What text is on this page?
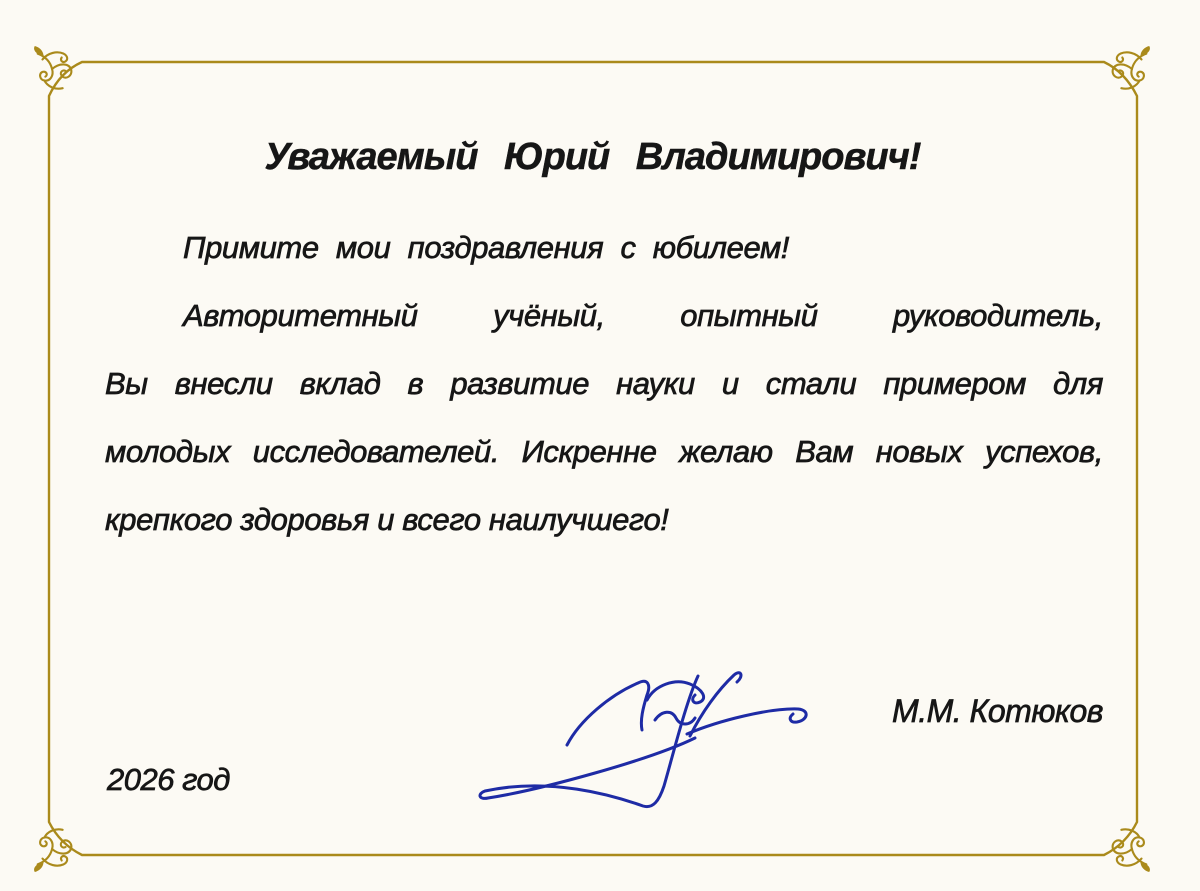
Уважаемый Юрий Владимирович!
Примите мои поздравления с юбилеем!
Авторитетный учёный, опытный руководитель,
Вы внесли вклад в развитие науки и стали примером для
молодых исследователей. Искренне желаю Вам новых успехов,
крепкого здоровья и всего наилучшего!
М.М. Котюков
2026 год
